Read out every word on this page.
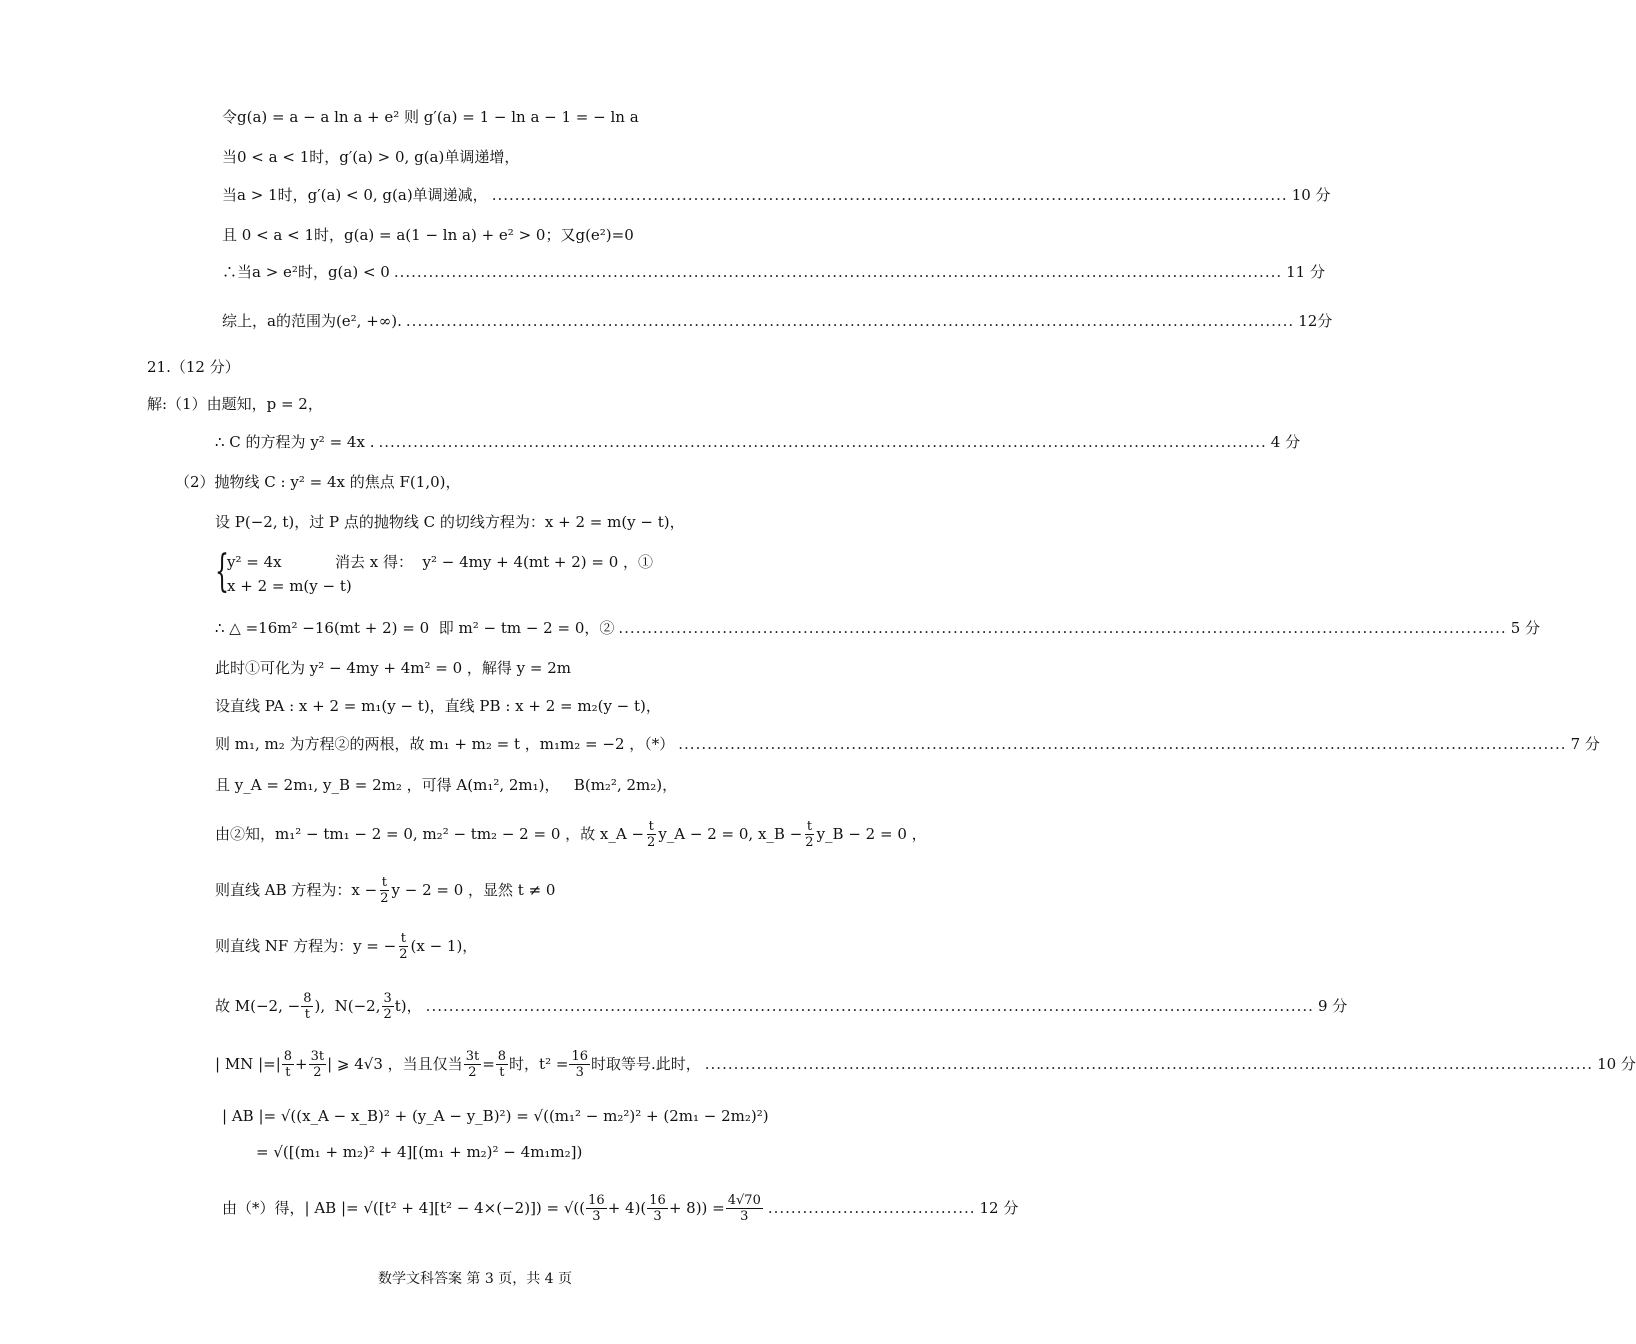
令g(a) = a − a ln a + e² 则 g′(a) = 1 − ln a − 1 = − ln a
当0 < a < 1时，g′(a) > 0, g(a)单调递增，
当a > 1时，g′(a) < 0, g(a)单调递减， .......................................................................................................................................... 10 分
且 0 < a < 1时，g(a) = a(1 − ln a) + e² > 0；又g(e²)=0
∴当a > e²时，g(a) < 0 .......................................................................................................................................................... 11 分
综上，a的范围为(e², +∞). .......................................................................................................................................................... 12分
21.（12 分）
解:（1）由题知，p = 2，
∴ C 的方程为 y² = 4x . .......................................................................................................................................................... 4 分
（2）抛物线 C : y² = 4x 的焦点 F(1,0)，
设 P(−2, t)，过 P 点的抛物线 C 的切线方程为：x + 2 = m(y − t)，
{
y² = 4x
x + 2 = m(y − t)
消去 x 得：  y² − 4my + 4(mt + 2) = 0 ，①
∴ △ =16m² −16(mt + 2) = 0  即 m² − tm − 2 = 0，② .......................................................................................................................................................... 5 分
此时①可化为 y² − 4my + 4m² = 0 ，解得 y = 2m
设直线 PA : x + 2 = m₁(y − t)，直线 PB : x + 2 = m₂(y − t)，
则 m₁, m₂ 为方程②的两根，故 m₁ + m₂ = t ，m₁m₂ = −2 ，（*） .......................................................................................................................................................... 7 分
且 y_A = 2m₁, y_B = 2m₂ ，可得 A(m₁², 2m₁)，   B(m₂², 2m₂)，
由②知，m₁² − tm₁ − 2 = 0, m₂² − tm₂ − 2 = 0 ，故 x_A − $\frac{t}{2}$ y_A − 2 = 0, x_B − $\frac{t}{2}$ y_B − 2 = 0 ，
则直线 AB 方程为：$x - \frac{t}{2}$ y − 2 = 0 ，显然 t ≠ 0
则直线 NF 方程为：y = − $\frac{t}{2} (x - 1)$，
故 M(−2, − $\frac{8}{t}$ ),  N(−2, $\frac{3}{2} t$)， .......................................................................................................................................................... 9 分
| MN |=| $\frac{8}{t} + \frac{3t}{2}$ | ⩾ 4√3 ，当且仅当 $\frac{3t}{2} = \frac{8}{t}$ 时，$t^2 = \frac{16}{3}$ 时取等号.此时， .......................................................................................................................................................... 10 分
| AB |= √((x_A − x_B)² + (y_A − y_B)²) = √((m₁² − m₂²)² + (2m₁ − 2m₂)²)
= √([(m₁ + m₂)² + 4][(m₁ + m₂)² − 4m₁m₂])
由（*）得，| AB |= √([t² + 4][t² − 4×(−2)]) = √(( $\frac{16}{3} + 4)( \frac{16}{3} + 8)) = \frac{4√70}{3}$ .................................... 12 分
数学文科答案 第 3 页，共 4 页
